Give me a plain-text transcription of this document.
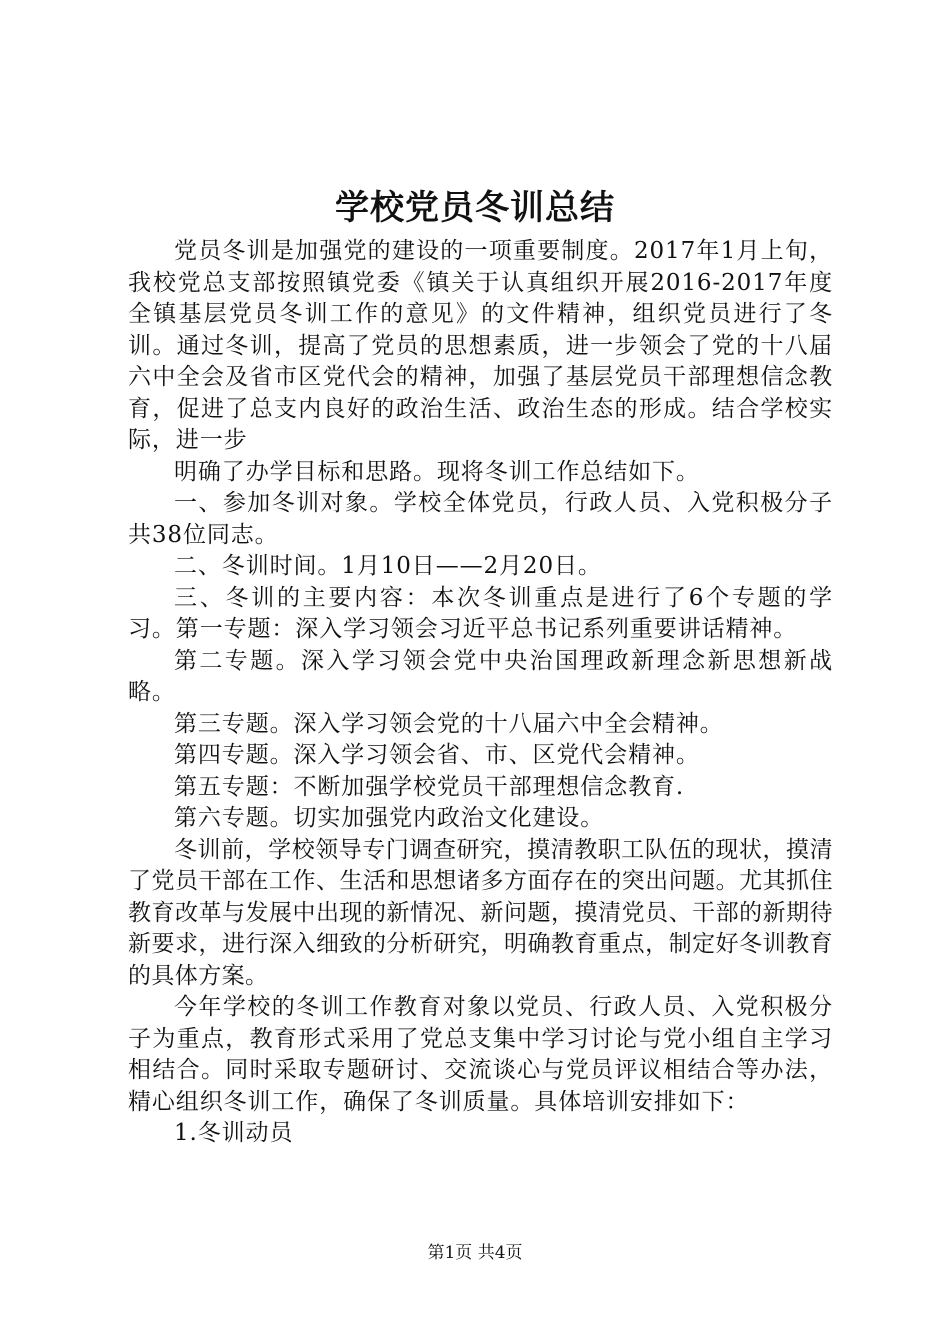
学校党员冬训总结

党员冬训是加强党的建设的一项重要制度。2017年1月上旬，我校党总支部按照镇党委《镇关于认真组织开展2016-2017年度全镇基层党员冬训工作的意见》的文件精神，组织党员进行了冬训。通过冬训，提高了党员的思想素质，进一步领会了党的十八届六中全会及省市区党代会的精神，加强了基层党员干部理想信念教育，促进了总支内良好的政治生活、政治生态的形成。结合学校实际，进一步

明确了办学目标和思路。现将冬训工作总结如下。

一、参加冬训对象。学校全体党员，行政人员、入党积极分子共38位同志。

二、冬训时间。1月10日——2月20日。

三、冬训的主要内容：本次冬训重点是进行了6个专题的学习。第一专题：深入学习领会习近平总书记系列重要讲话精神。

第二专题。深入学习领会党中央治国理政新理念新思想新战略。

第三专题。深入学习领会党的十八届六中全会精神。

第四专题。深入学习领会省、市、区党代会精神。

第五专题：不断加强学校党员干部理想信念教育.

第六专题。切实加强党内政治文化建设。

冬训前，学校领导专门调查研究，摸清教职工队伍的现状，摸清了党员干部在工作、生活和思想诸多方面存在的突出问题。尤其抓住教育改革与发展中出现的新情况、新问题，摸清党员、干部的新期待新要求，进行深入细致的分析研究，明确教育重点，制定好冬训教育的具体方案。

今年学校的冬训工作教育对象以党员、行政人员、入党积极分子为重点，教育形式采用了党总支集中学习讨论与党小组自主学习相结合。同时采取专题研讨、交流谈心与党员评议相结合等办法，精心组织冬训工作，确保了冬训质量。具体培训安排如下：

1.冬训动员

第1页 共4页
